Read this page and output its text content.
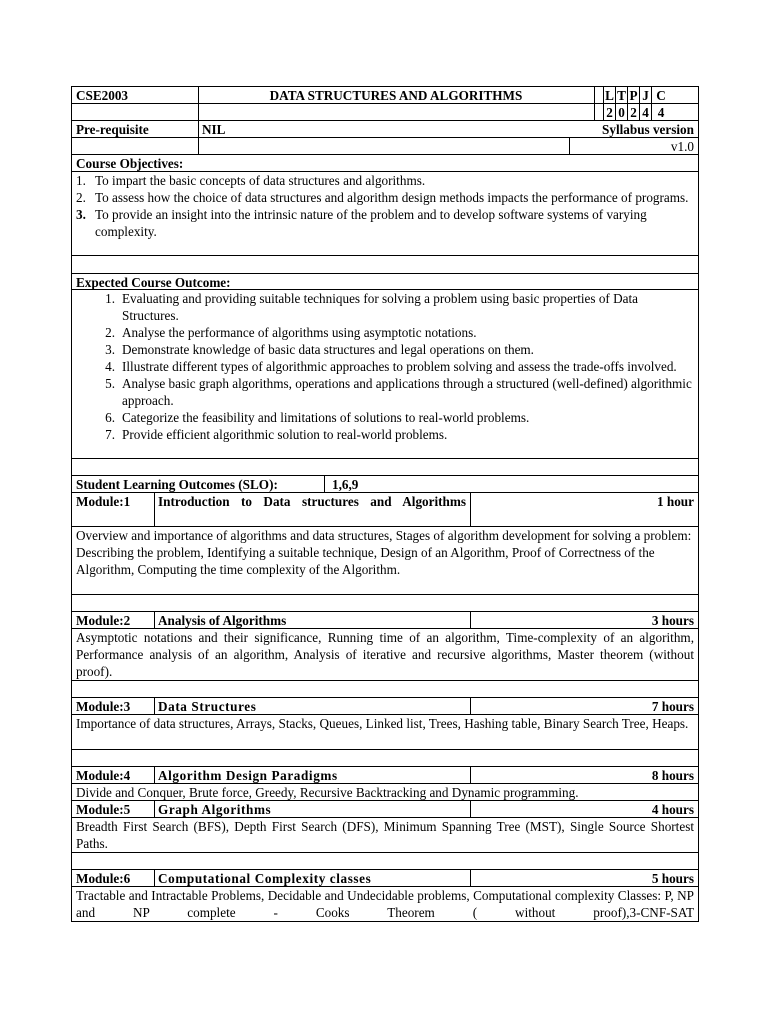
CSE2003	DATA STRUCTURES AND ALGORITHMS	L T P J C
2 0 2 4 4
Pre-requisite	NIL	Syllabus version
v1.0
Course Objectives:
1. To impart the basic concepts of data structures and algorithms.
2. To assess how the choice of data structures and algorithm design methods impacts the performance of programs.
3. To provide an insight into the intrinsic nature of the problem and to develop software systems of varying complexity.
Expected Course Outcome:
1. Evaluating and providing suitable techniques for solving a problem using basic properties of Data Structures.
2. Analyse the performance of algorithms using asymptotic notations.
3. Demonstrate knowledge of basic data structures and legal operations on them.
4. Illustrate different types of algorithmic approaches to problem solving and assess the trade-offs involved.
5. Analyse basic graph algorithms, operations and applications through a structured (well-defined) algorithmic approach.
6. Categorize the feasibility and limitations of solutions to real-world problems.
7. Provide efficient algorithmic solution to real-world problems.
Student Learning Outcomes (SLO):	1,6,9
Module:1	Introduction to Data structures and Algorithms	1 hour
Overview and importance of algorithms and data structures, Stages of algorithm development for solving a problem: Describing the problem, Identifying a suitable technique, Design of an Algorithm, Proof of Correctness of the Algorithm, Computing the time complexity of the Algorithm.
Module:2	Analysis of Algorithms	3 hours
Asymptotic notations and their significance, Running time of an algorithm, Time-complexity of an algorithm, Performance analysis of an algorithm, Analysis of iterative and recursive algorithms, Master theorem (without proof).
Module:3	Data Structures	7 hours
Importance of data structures, Arrays, Stacks, Queues, Linked list, Trees, Hashing table, Binary Search Tree, Heaps.
Module:4	Algorithm Design Paradigms	8 hours
Divide and Conquer, Brute force, Greedy, Recursive Backtracking and Dynamic programming.
Module:5	Graph Algorithms	4 hours
Breadth First Search (BFS), Depth First Search (DFS), Minimum Spanning Tree (MST), Single Source Shortest Paths.
Module:6	Computational Complexity classes	5 hours
Tractable and Intractable Problems, Decidable and Undecidable problems, Computational complexity Classes: P, NP and NP complete - Cooks Theorem ( without proof),3-CNF-SAT
